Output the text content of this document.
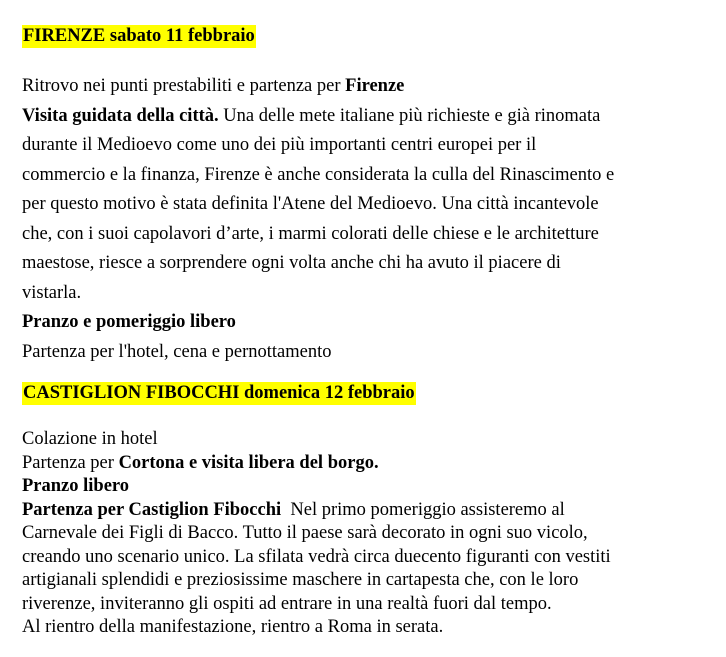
FIRENZE sabato 11 febbraio
Ritrovo nei punti prestabiliti e partenza per Firenze
Visita guidata della città. Una delle mete italiane più richieste e già rinomata
durante il Medioevo come uno dei più importanti centri europei per il
commercio e la finanza, Firenze è anche considerata la culla del Rinascimento e
per questo motivo è stata definita l'Atene del Medioevo. Una città incantevole
che, con i suoi capolavori d’arte, i marmi colorati delle chiese e le architetture
maestose, riesce a sorprendere ogni volta anche chi ha avuto il piacere di
vistarla.
Pranzo e pomeriggio libero
Partenza per l'hotel, cena e pernottamento
CASTIGLION FIBOCCHI domenica 12 febbraio
Colazione in hotel
Partenza per Cortona e visita libera del borgo.
Pranzo libero
Partenza per Castiglion Fibocchi  Nel primo pomeriggio assisteremo al
Carnevale dei Figli di Bacco. Tutto il paese sarà decorato in ogni suo vicolo,
creando uno scenario unico. La sfilata vedrà circa duecento figuranti con vestiti
artigianali splendidi e preziosissime maschere in cartapesta che, con le loro
riverenze, inviteranno gli ospiti ad entrare in una realtà fuori dal tempo.
Al rientro della manifestazione, rientro a Roma in serata.
